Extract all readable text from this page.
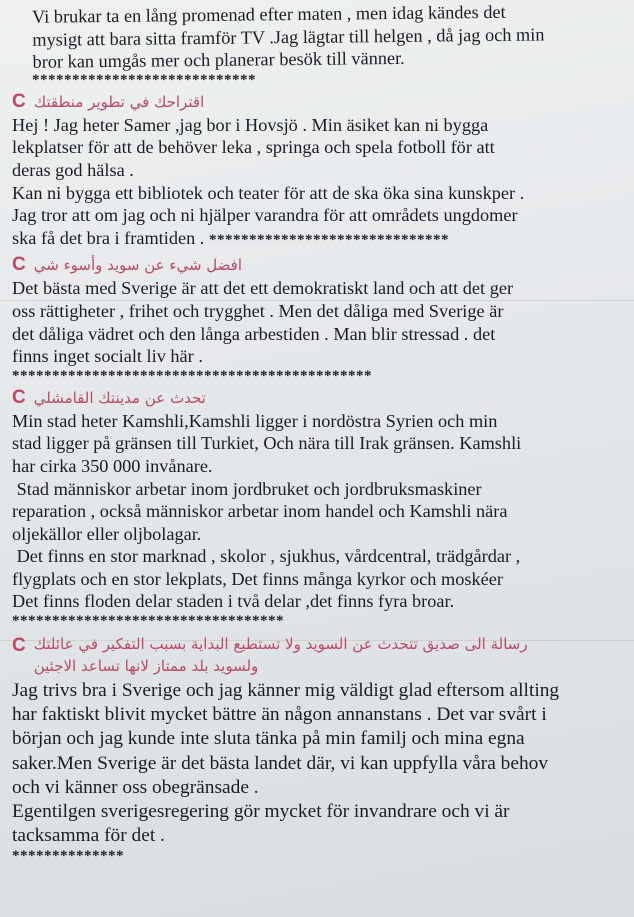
Vi brukar ta en lång promenad efter maten , men idag kändes det
mysigt att bara sitta framför TV .Jag lägtar till helgen , då jag och min
bror kan umgås mer och planerar besök till vänner.
****************************
C اقتراحك في تطوير منطقتك
Hej ! Jag heter Samer ,jag bor i Hovsjö . Min äsiket kan ni bygga
lekplatser för att de behöver leka , springa och spela fotboll för att
deras god hälsa .
Kan ni bygga ett bibliotek och teater för att de ska öka sina kunskper .
Jag tror att om jag och ni hjälper varandra för att områdets ungdomer
ska få det bra i framtiden . ******************************
C افضل شيء عن سويد وأسوء شي
Det bästa med Sverige är att det ett demokratiskt land och att det ger
oss rättigheter , frihet och trygghet . Men det dåliga med Sverige är
det dåliga vädret och den långa arbestiden . Man blir stressad . det
finns inget socialt liv här .
*********************************************
C تحدث عن مدينتك القامشلي
Min stad heter Kamshli,Kamshli ligger i nordöstra Syrien och min
stad ligger på gränsen till Turkiet, Och nära till Irak gränsen. Kamshli
har cirka 350 000 invånare.
Stad människor arbetar inom jordbruket och jordbruksmaskiner
reparation , också människor arbetar inom handel och Kamshli nära
oljekällor eller oljbolagar.
Det finns en stor marknad , skolor , sjukhus, vårdcentral, trädgårdar ,
flygplats och en stor lekplats, Det finns många kyrkor och moskéer
Det finns floden delar staden i två delar ,det finns fyra broar.
**********************************
C رسالة الى صديق تتحدث عن السويد ولا تستطيع البداية بسبب التفكير في عائلتك
ولسويد بلد ممتاز لانها تساعد الاجئين
Jag trivs bra i Sverige och jag känner mig väldigt glad eftersom allting
har faktiskt blivit mycket bättre än någon annanstans . Det var svårt i
början och jag kunde inte sluta tänka på min familj och mina egna
saker.Men Sverige är det bästa landet där, vi kan uppfylla våra behov
och vi känner oss obegränsade .
Egentilgen sverigesregering gör mycket för invandrare och vi är
tacksamma för det .
**************
